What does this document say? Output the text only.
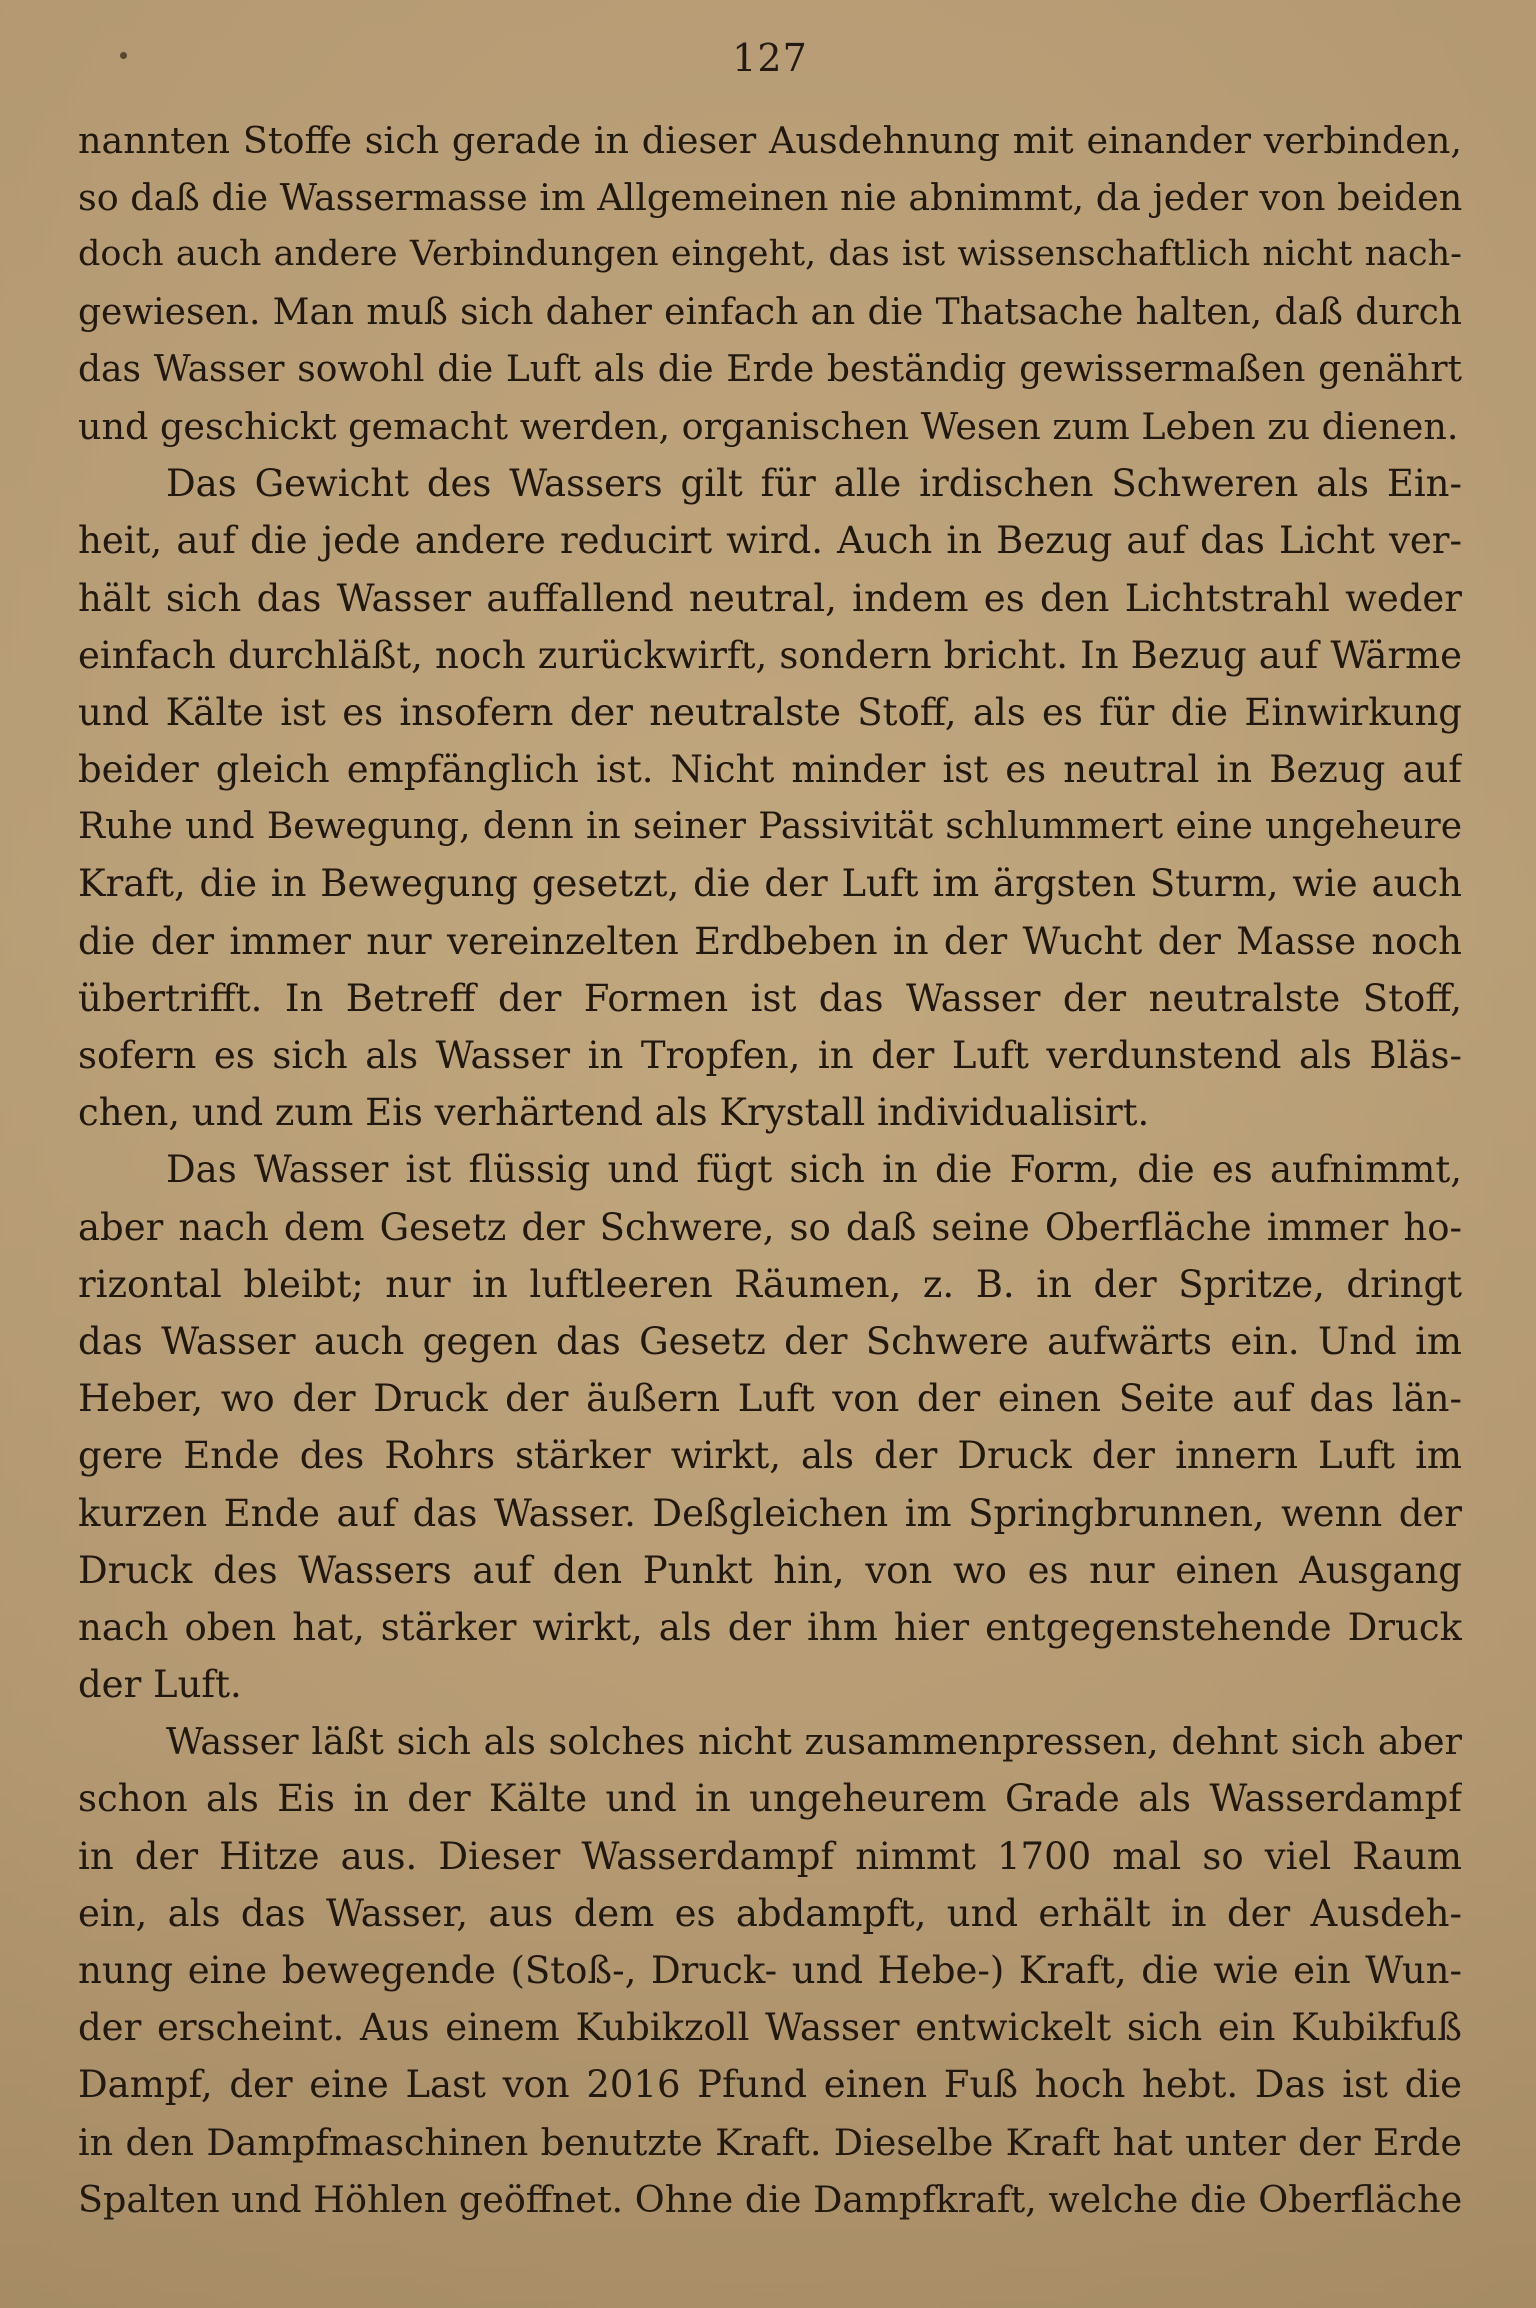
127
nannten Stoffe sich gerade in dieser Ausdehnung mit einander verbinden,
so daß die Wassermasse im Allgemeinen nie abnimmt, da jeder von beiden
doch auch andere Verbindungen eingeht, das ist wissenschaftlich nicht nach-
gewiesen. Man muß sich daher einfach an die Thatsache halten, daß durch
das Wasser sowohl die Luft als die Erde beständig gewissermaßen genährt
und geschickt gemacht werden, organischen Wesen zum Leben zu dienen.
Das Gewicht des Wassers gilt für alle irdischen Schweren als Ein-
heit, auf die jede andere reducirt wird. Auch in Bezug auf das Licht ver-
hält sich das Wasser auffallend neutral, indem es den Lichtstrahl weder
einfach durchläßt, noch zurückwirft, sondern bricht. In Bezug auf Wärme
und Kälte ist es insofern der neutralste Stoff, als es für die Einwirkung
beider gleich empfänglich ist. Nicht minder ist es neutral in Bezug auf
Ruhe und Bewegung, denn in seiner Passivität schlummert eine ungeheure
Kraft, die in Bewegung gesetzt, die der Luft im ärgsten Sturm, wie auch
die der immer nur vereinzelten Erdbeben in der Wucht der Masse noch
übertrifft. In Betreff der Formen ist das Wasser der neutralste Stoff,
sofern es sich als Wasser in Tropfen, in der Luft verdunstend als Bläs-
chen, und zum Eis verhärtend als Krystall individualisirt.
Das Wasser ist flüssig und fügt sich in die Form, die es aufnimmt,
aber nach dem Gesetz der Schwere, so daß seine Oberfläche immer ho-
rizontal bleibt; nur in luftleeren Räumen, z. B. in der Spritze, dringt
das Wasser auch gegen das Gesetz der Schwere aufwärts ein. Und im
Heber, wo der Druck der äußern Luft von der einen Seite auf das län-
gere Ende des Rohrs stärker wirkt, als der Druck der innern Luft im
kurzen Ende auf das Wasser. Deßgleichen im Springbrunnen, wenn der
Druck des Wassers auf den Punkt hin, von wo es nur einen Ausgang
nach oben hat, stärker wirkt, als der ihm hier entgegenstehende Druck
der Luft.
Wasser läßt sich als solches nicht zusammenpressen, dehnt sich aber
schon als Eis in der Kälte und in ungeheurem Grade als Wasserdampf
in der Hitze aus. Dieser Wasserdampf nimmt 1700 mal so viel Raum
ein, als das Wasser, aus dem es abdampft, und erhält in der Ausdeh-
nung eine bewegende (Stoß-, Druck- und Hebe-) Kraft, die wie ein Wun-
der erscheint. Aus einem Kubikzoll Wasser entwickelt sich ein Kubikfuß
Dampf, der eine Last von 2016 Pfund einen Fuß hoch hebt. Das ist die
in den Dampfmaschinen benutzte Kraft. Dieselbe Kraft hat unter der Erde
Spalten und Höhlen geöffnet. Ohne die Dampfkraft, welche die Oberfläche
